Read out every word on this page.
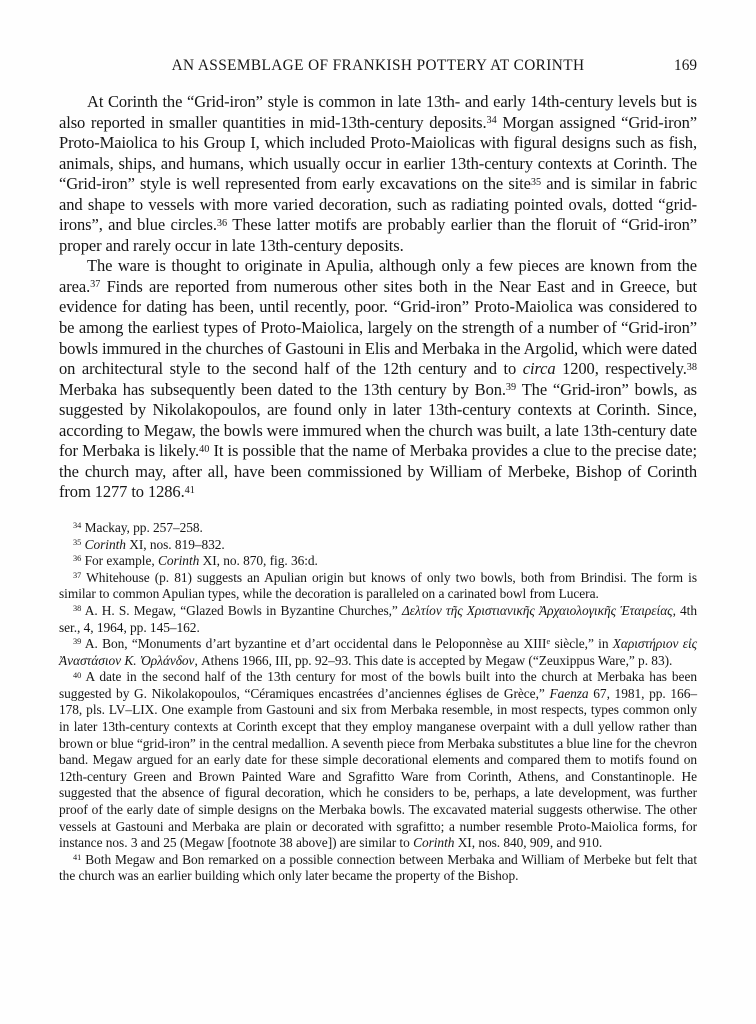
AN ASSEMBLAGE OF FRANKISH POTTERY AT CORINTH	169

At Corinth the “Grid-iron” style is common in late 13th- and early 14th-century levels but is also reported in smaller quantities in mid-13th-century deposits.$^{34}$ Morgan assigned “Grid-iron” Proto-Maiolica to his Group I, which included Proto-Maiolicas with figural designs such as fish, animals, ships, and humans, which usually occur in earlier 13th-century contexts at Corinth. The “Grid-iron” style is well represented from early excavations on the site$^{35}$ and is similar in fabric and shape to vessels with more varied decoration, such as radiating pointed ovals, dotted “grid-irons”, and blue circles.$^{36}$ These latter motifs are probably earlier than the floruit of “Grid-iron” proper and rarely occur in late 13th-century deposits.

The ware is thought to originate in Apulia, although only a few pieces are known from the area.$^{37}$ Finds are reported from numerous other sites both in the Near East and in Greece, but evidence for dating has been, until recently, poor. “Grid-iron” Proto-Maiolica was considered to be among the earliest types of Proto-Maiolica, largely on the strength of a number of “Grid-iron” bowls immured in the churches of Gastouni in Elis and Merbaka in the Argolid, which were dated on architectural style to the second half of the 12th century and to circa 1200, respectively.$^{38}$ Merbaka has subsequently been dated to the 13th century by Bon.$^{39}$ The “Grid-iron” bowls, as suggested by Nikolakopoulos, are found only in later 13th-century contexts at Corinth. Since, according to Megaw, the bowls were immured when the church was built, a late 13th-century date for Merbaka is likely.$^{40}$ It is possible that the name of Merbaka provides a clue to the precise date; the church may, after all, have been commissioned by William of Merbeke, Bishop of Corinth from 1277 to 1286.41

$^{34}$ Mackay, pp. 257–258.

$^{35}$ Corinth XI, nos. 819–832.

$^{36}$ For example, Corinth XI, no. 870, fig. 36:d.

$^{37}$ Whitehouse (p. 81) suggests an Apulian origin but knows of only two bowls, both from Brindisi. The form is similar to common Apulian types, while the decoration is paralleled on a carinated bowl from Lucera.

$^{38}$ A. H. S. Megaw, “Glazed Bowls in Byzantine Churches,” Δελτίον τῆς Χριστιανικῆς Ἀρχαιολογικῆς Ἑταιρείας, 4th ser., 4, 1964, pp. 145–162.

$^{39}$ A. Bon, “Monuments d’art byzantine et d’art occidental dans le Peloponnèse au XIIIe siècle,” in Χαριστήριον εἰς Ἀναστάσιον Κ. Ὀρλάνδον, Athens 1966, III, pp. 92–93. This date is accepted by Megaw (“Zeuxippus Ware,” p. 83).

$^{40}$ A date in the second half of the 13th century for most of the bowls built into the church at Merbaka has been suggested by G. Nikolakopoulos, “Céramiques encastrées d’anciennes églises de Grèce,” Faenza 67, 1981, pp. 166–178, pls. LV–LIX. One example from Gastouni and six from Merbaka resemble, in most respects, types common only in later 13th-century contexts at Corinth except that they employ manganese overpaint with a dull yellow rather than brown or blue “grid-iron” in the central medallion. A seventh piece from Merbaka substitutes a blue line for the chevron band. Megaw argued for an early date for these simple decorational elements and compared them to motifs found on 12th-century Green and Brown Painted Ware and Sgrafitto Ware from Corinth, Athens, and Constantinople. He suggested that the absence of figural decoration, which he considers to be, perhaps, a late development, was further proof of the early date of simple designs on the Merbaka bowls. The excavated material suggests otherwise. The other vessels at Gastouni and Merbaka are plain or decorated with sgrafitto; a number resemble Proto-Maiolica forms, for instance nos. 3 and 25 (Megaw [footnote 38 above]) are similar to Corinth XI, nos. 840, 909, and 910.

$^{41}$ Both Megaw and Bon remarked on a possible connection between Merbaka and William of Merbeke but felt that the church was an earlier building which only later became the property of the Bishop.
